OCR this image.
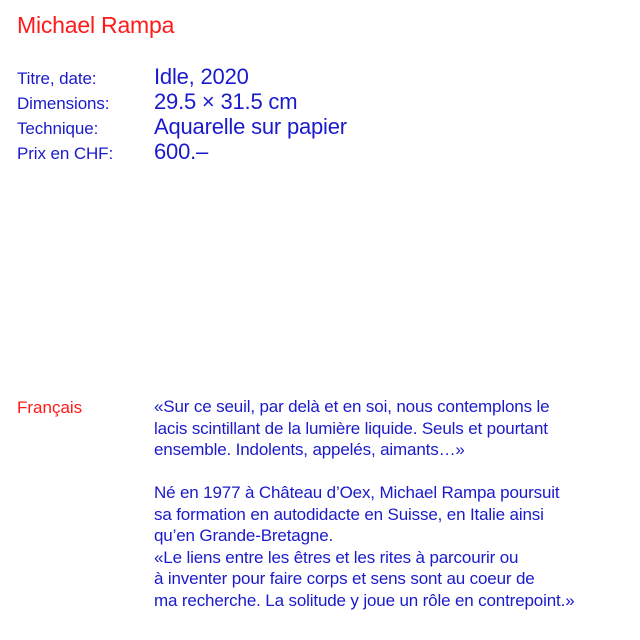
Michael Rampa
Titre, date:	Idle, 2020
Dimensions:	29.5 × 31.5 cm
Technique:	Aquarelle sur papier
Prix en CHF:	600.–
Français	«Sur ce seuil, par delà et en soi, nous contemplons le
lacis scintillant de la lumière liquide. Seuls et pourtant
ensemble. Indolents, appelés, aimants…»
Né en 1977 à Château d’Oex, Michael Rampa poursuit
sa formation en autodidacte en Suisse, en Italie ainsi
qu’en Grande-Bretagne.
«Le liens entre les êtres et les rites à parcourir ou
à inventer pour faire corps et sens sont au coeur de
ma recherche. La solitude y joue un rôle en contrepoint.»
